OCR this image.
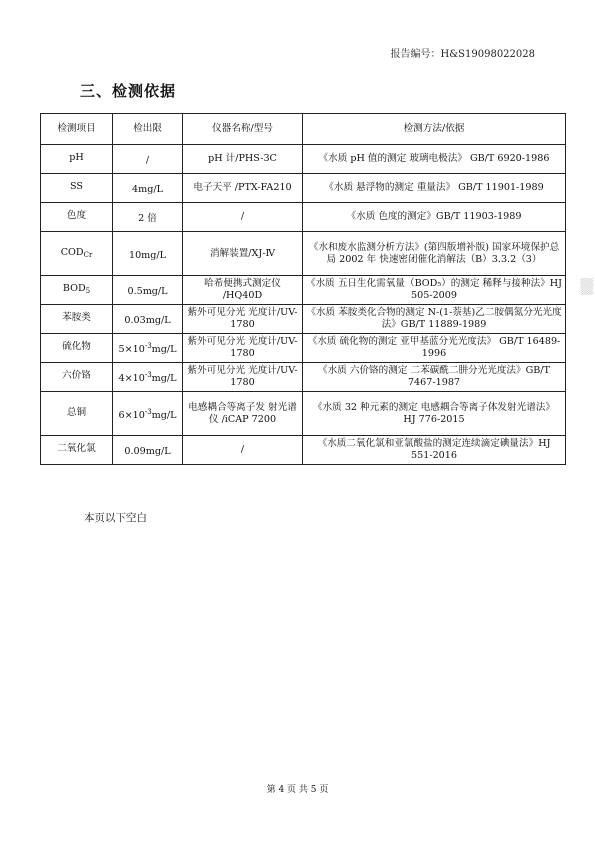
报告编号：H&S19098022028
三、检测依据
检测项目	检出限	仪器名称/型号	检测方法/依据
pH	/	pH 计/PHS-3C	《水质 pH 值的测定 玻璃电极法》 GB/T 6920-1986
SS	4mg/L	电子天平 /PTX-FA210	《水质 悬浮物的测定 重量法》 GB/T 11901-1989
色度	2 倍	/	《水质 色度的测定》GB/T 11903-1989
$COD_{Cr}$	10mg/L	消解装置/XJ-Ⅳ	《水和废水监测分析方法》(第四版增补版) 国家环境保护总局 2002 年 快速密闭催化消解法（B）3.3.2（3）
$BOD_5$	0.5mg/L	哈希便携式测定仪 /HQ40D	《水质 五日生化需氧量（BOD₅）的测定 稀释与接种法》HJ 505-2009
苯胺类	0.03mg/L	紫外可见分光 光度计/UV-1780	《水质 苯胺类化合物的测定 N-(1-萘基)乙二胺偶氮分光光度法》GB/T 11889-1989
硫化物	$5\times 10^{-3}mg/L$	紫外可见分光 光度计/UV-1780	《水质 硫化物的测定 亚甲基蓝分光光度法》 GB/T 16489-1996
六价铬	$4\times 10^{-3}mg/L$	紫外可见分光 光度计/UV-1780	《水质 六价铬的测定 二苯碳酰二肼分光光度法》GB/T 7467-1987
总铜	$6\times 10^{-3}mg/L$	电感耦合等离子发 射光谱仪 /iCAP 7200	《水质 32 种元素的测定 电感耦合等离子体发射光谱法》 HJ 776-2015
二氧化氯	0.09mg/L	/	《水质二氧化氯和亚氯酸盐的测定连续滴定碘量法》HJ 551-2016
▒▒
本页以下空白
第 4 页 共 5 页
